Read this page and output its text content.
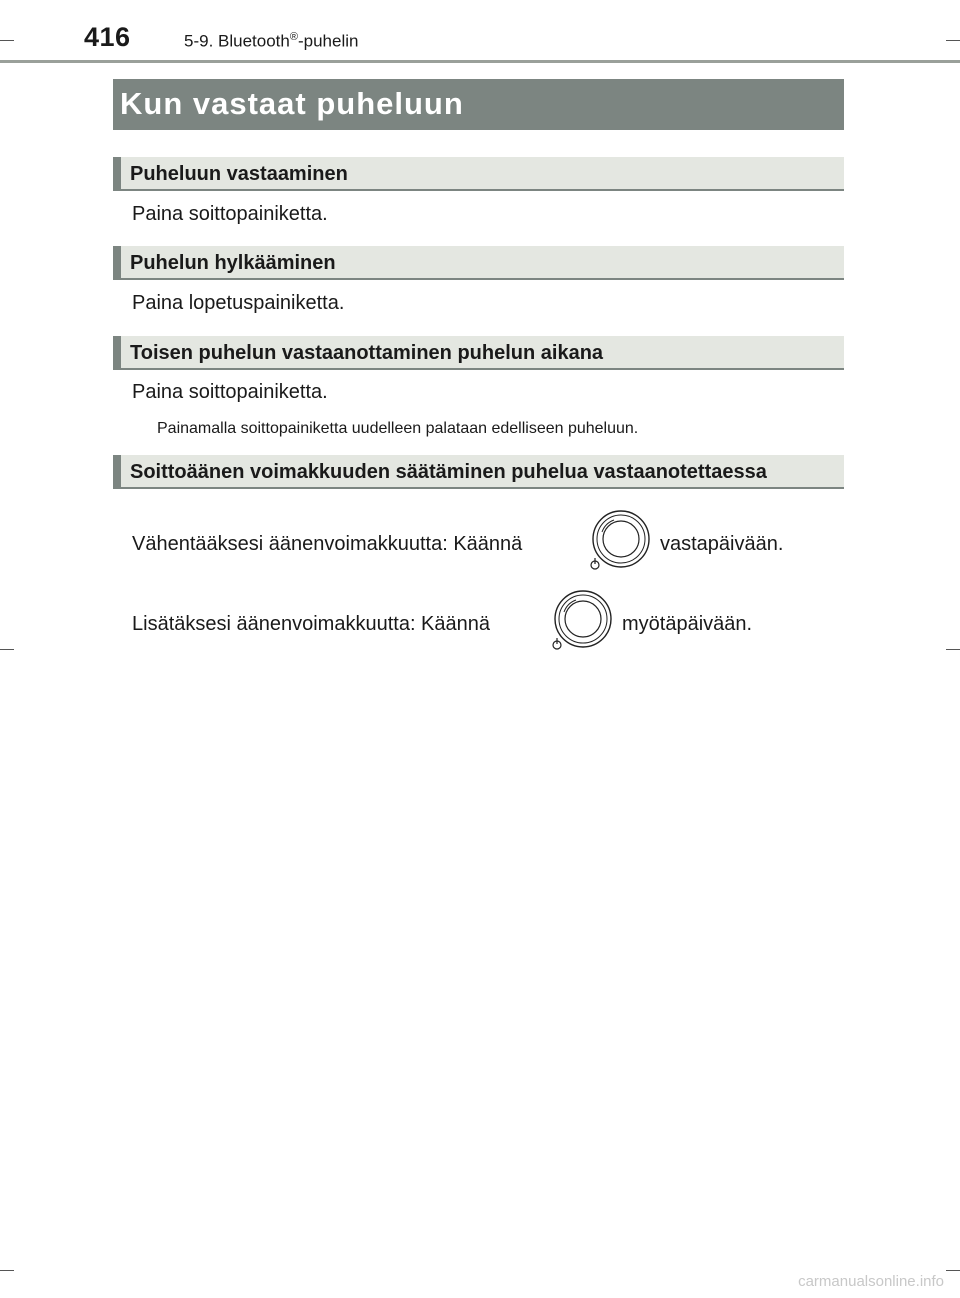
416	5-9. Bluetooth®-puhelin
Kun vastaat puheluun
Puheluun vastaaminen
Paina soittopainiketta.
Puhelun hylkääminen
Paina lopetuspainiketta.
Toisen puhelun vastaanottaminen puhelun aikana
Paina soittopainiketta.
Painamalla soittopainiketta uudelleen palataan edelliseen puheluun.
Soittoäänen voimakkuuden säätäminen puhelua vastaanotettaessa
Vähentääksesi äänenvoimakkuutta: Käännä	vastapäivään.
Lisätäksesi äänenvoimakkuutta: Käännä	myötäpäivään.
carmanualsonline.info
